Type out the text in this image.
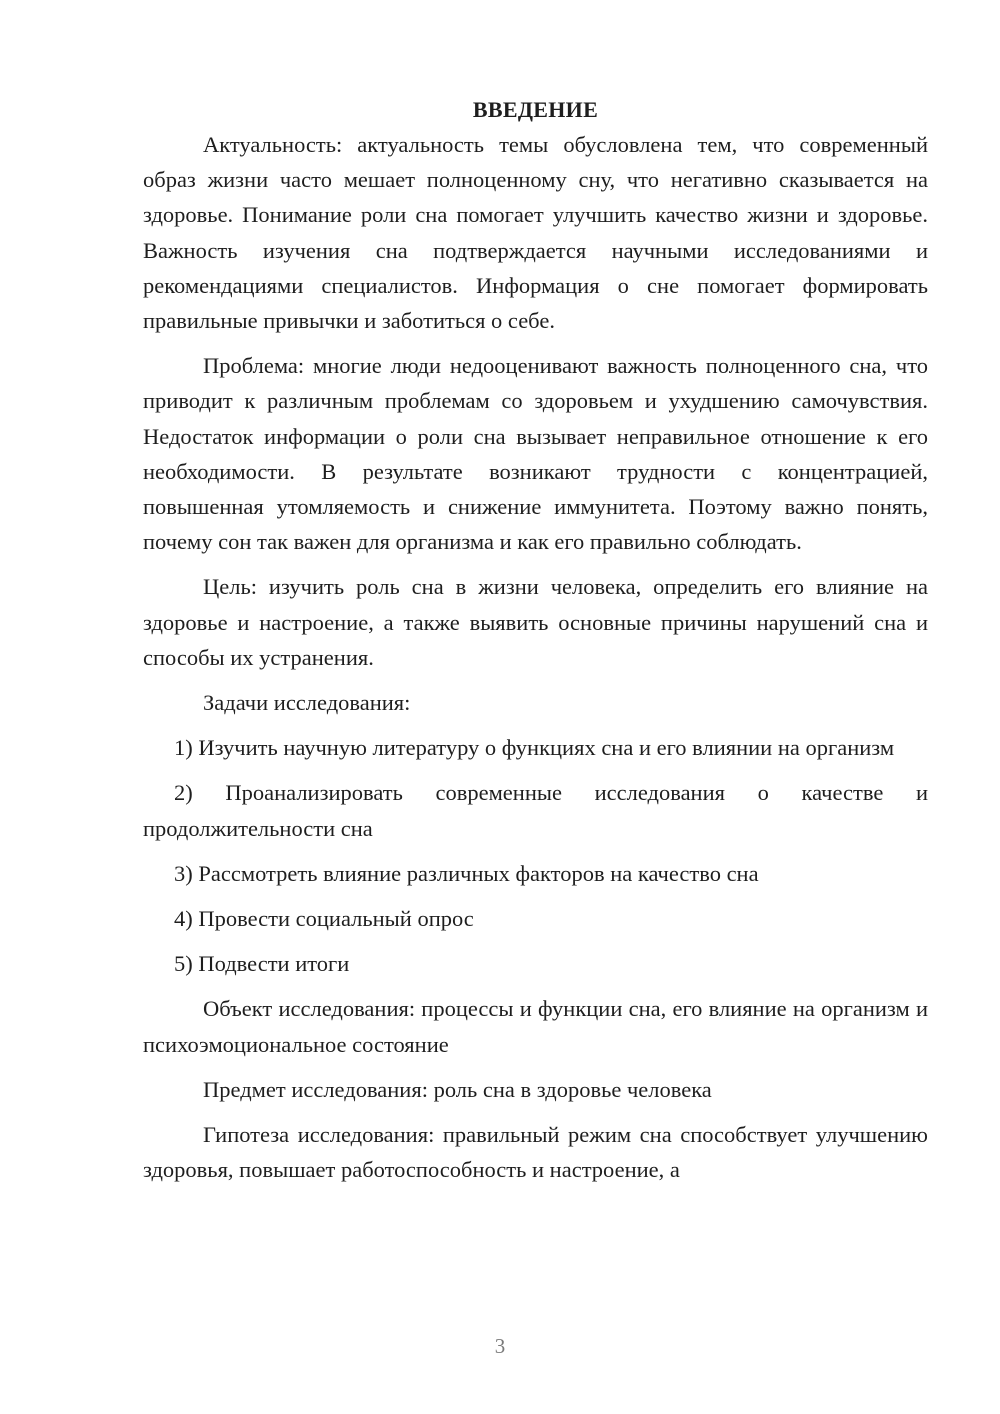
ВВЕДЕНИЕ

Актуальность: актуальность темы обусловлена тем, что современный образ жизни часто мешает полноценному сну, что негативно сказывается на здоровье. Понимание роли сна помогает улучшить качество жизни и здоровье. Важность изучения сна подтверждается научными исследованиями и рекомендациями специалистов. Информация о сне помогает формировать правильные привычки и заботиться о себе.

Проблема: многие люди недооценивают важность полноценного сна, что приводит к различным проблемам со здоровьем и ухудшению самочувствия. Недостаток информации о роли сна вызывает неправильное отношение к его необходимости. В результате возникают трудности с концентрацией, повышенная утомляемость и снижение иммунитета. Поэтому важно понять, почему сон так важен для организма и как его правильно соблюдать.

Цель: изучить роль сна в жизни человека, определить его влияние на здоровье и настроение, а также выявить основные причины нарушений сна и способы их устранения.

Задачи исследования:

1) Изучить научную литературу о функциях сна и его влиянии на организм

2) Проанализировать современные исследования о качестве и продолжительности сна

3) Рассмотреть влияние различных факторов на качество сна

4) Провести социальный опрос

5) Подвести итоги

Объект исследования: процессы и функции сна, его влияние на организм и психоэмоциональное состояние

Предмет исследования: роль сна в здоровье человека

Гипотеза исследования: правильный режим сна способствует улучшению здоровья, повышает работоспособность и настроение, а

3
